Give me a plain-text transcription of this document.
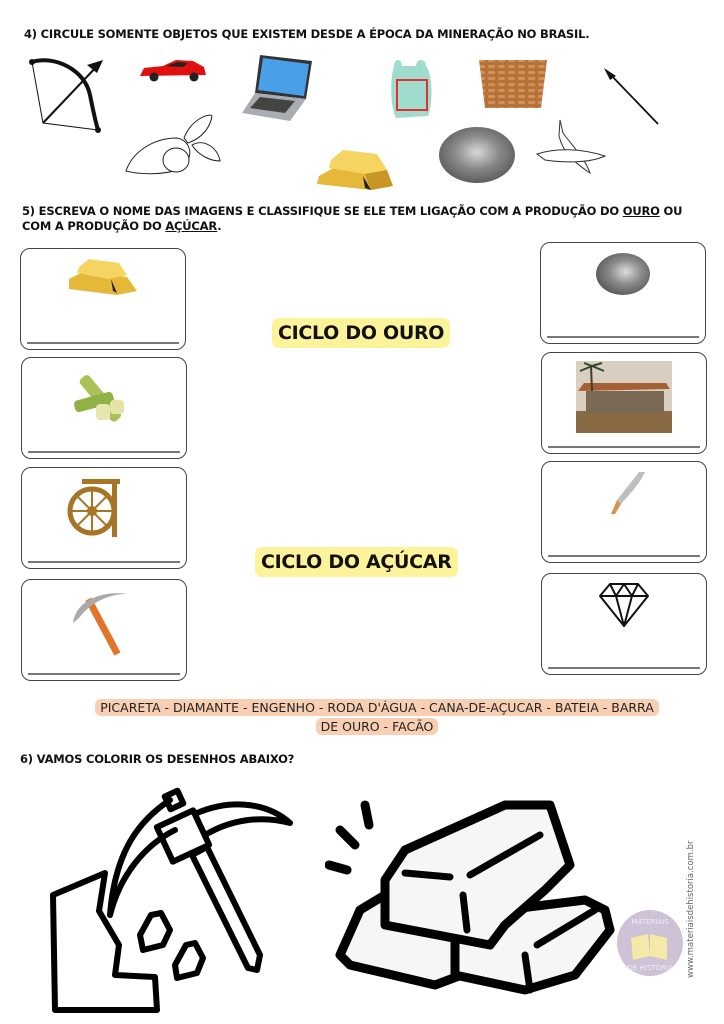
4) CIRCULE SOMENTE OBJETOS QUE EXISTEM DESDE A ÉPOCA DA MINERAÇÃO NO BRASIL.
5) ESCREVA O NOME DAS IMAGENS E CLASSIFIQUE SE ELE TEM LIGAÇÃO COM A PRODUÇÃO DO OURO OU COM A PRODUÇÃO DO AÇÚCAR.
CICLO DO OURO
CICLO DO AÇÚCAR
PICARETA - DIAMANTE - ENGENHO - RODA D'ÁGUA - CANA-DE-AÇUCAR - BATEIA - BARRA DE OURO - FACÃO
6) VAMOS COLORIR OS DESENHOS ABAIXO?
MATERIAIS
DE HISTÓRIA www.materiaisdehistoria.com.br
